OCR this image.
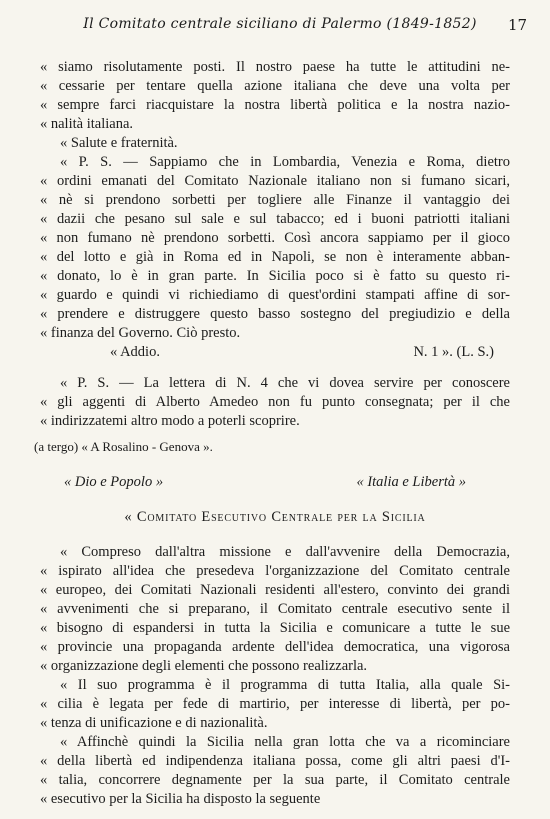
Il Comitato centrale siciliano di Palermo (1849-1852)	17
« siamo risolutamente posti. Il nostro paese ha tutte le attitudini ne-
« cessarie per tentare quella azione italiana che deve una volta per
« sempre farci riacquistare la nostra libertà politica e la nostra nazio-
« nalità italiana.
« Salute e fraternità.
« P. S. — Sappiamo che in Lombardia, Venezia e Roma, dietro
« ordini emanati del Comitato Nazionale italiano non si fumano sicari,
« nè si prendono sorbetti per togliere alle Finanze il vantaggio dei
« dazii che pesano sul sale e sul tabacco; ed i buoni patriotti italiani
« non fumano nè prendono sorbetti. Così ancora sappiamo per il gioco
« del lotto e già in Roma ed in Napoli, se non è interamente abban-
« donato, lo è in gran parte. In Sicilia poco si è fatto su questo ri-
« guardo e quindi vi richiediamo di quest'ordini stampati affine di sor-
« prendere e distruggere questo basso sostegno del pregiudizio e della
« finanza del Governo. Ciò presto.
« Addio.	N. 1 ». (L. S.)
« P. S. — La lettera di N. 4 che vi dovea servire per conoscere
« gli aggenti di Alberto Amedeo non fu punto consegnata; per il che
« indirizzatemi altro modo a poterli scoprire.
(a tergo) « A Rosalino - Genova ».
« Dio e Popolo »	« Italia e Libertà »
« Comitato Esecutivo Centrale per la Sicilia
« Compreso dall'altra missione e dall'avvenire della Democrazia,
« ispirato all'idea che presedeva l'organizzazione del Comitato centrale
« europeo, dei Comitati Nazionali residenti all'estero, convinto dei grandi
« avvenimenti che si preparano, il Comitato centrale esecutivo sente il
« bisogno di espandersi in tutta la Sicilia e comunicare a tutte le sue
« provincie una propaganda ardente dell'idea democratica, una vigorosa
« organizzazione degli elementi che possono realizzarla.
« Il suo programma è il programma di tutta Italia, alla quale Si-
« cilia è legata per fede di martirio, per interesse di libertà, per po-
« tenza di unificazione e di nazionalità.
« Affinchè quindi la Sicilia nella gran lotta che va a ricominciare
« della libertà ed indipendenza italiana possa, come gli altri paesi d'I-
« talia, concorrere degnamente per la sua parte, il Comitato centrale
« esecutivo per la Sicilia ha disposto la seguente
